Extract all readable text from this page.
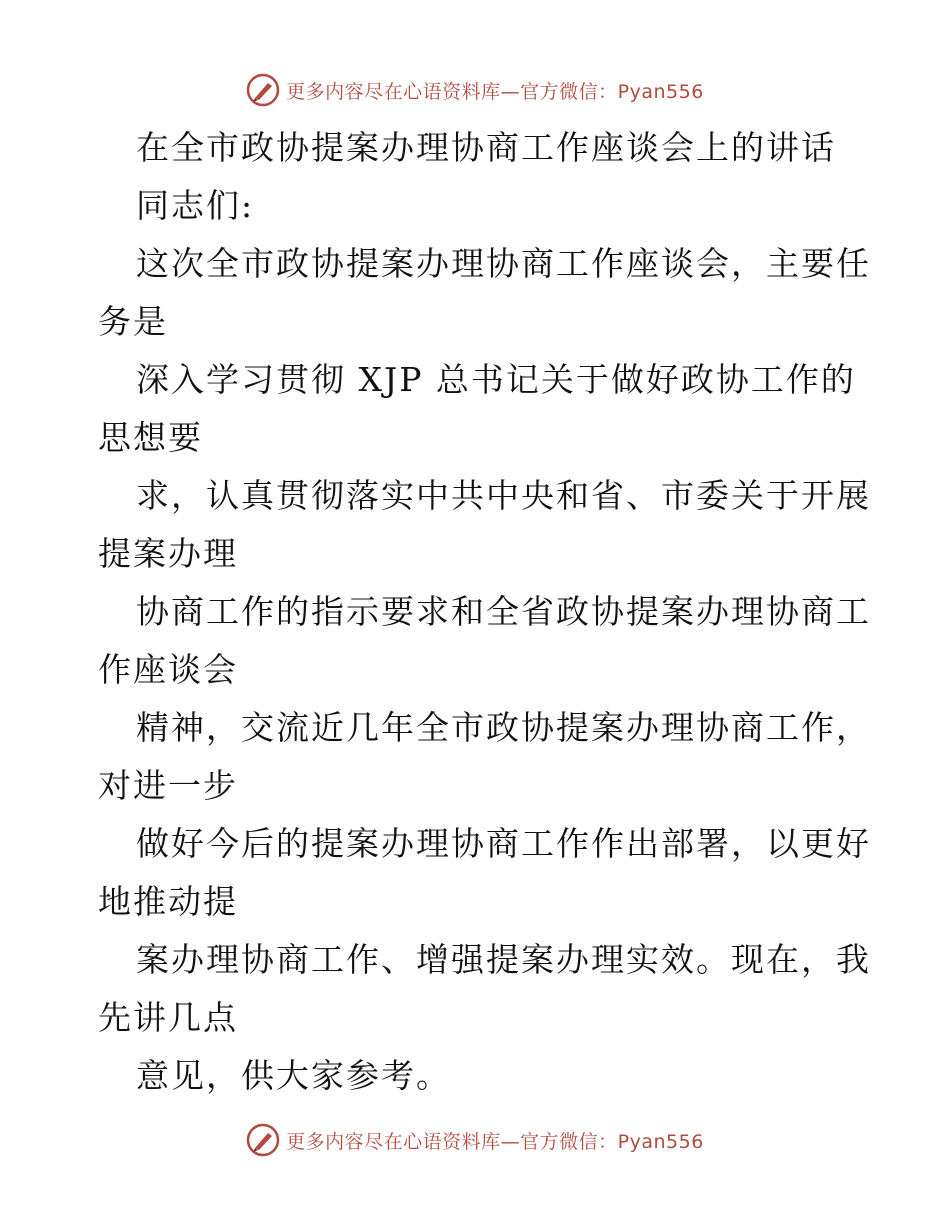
更多内容尽在心语资料库—官方微信：Pyan556
在全市政协提案办理协商工作座谈会上的讲话
同志们:
这次全市政协提案办理协商工作座谈会，主要任
务是
深入学习贯彻 XJP 总书记关于做好政协工作的
思想要
求，认真贯彻落实中共中央和省、市委关于开展
提案办理
协商工作的指示要求和全省政协提案办理协商工
作座谈会
精神，交流近几年全市政协提案办理协商工作，
对进一步
做好今后的提案办理协商工作作出部署，以更好
地推动提
案办理协商工作、增强提案办理实效。现在，我
先讲几点
意见，供大家参考。
更多内容尽在心语资料库—官方微信：Pyan556
